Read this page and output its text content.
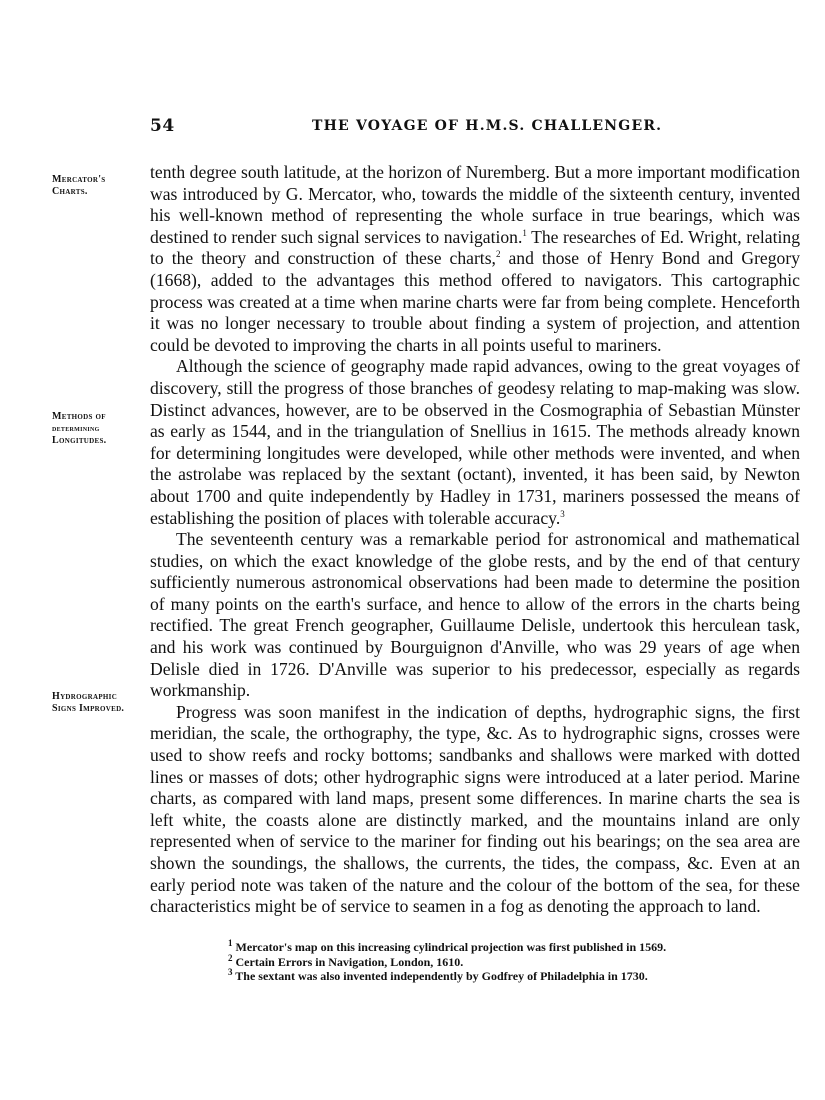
54	THE VOYAGE OF H.M.S. CHALLENGER.
Mercator's
Charts.
Methods of
determining
Longitudes.
Hydrographic
Signs Improved.

tenth degree south latitude, at the horizon of Nuremberg. But a more important modification was introduced by G. Mercator, who, towards the middle of the sixteenth century, invented his well-known method of representing the whole surface in true bearings, which was destined to render such signal services to navigation.$^1$ The researches of Ed. Wright, relating to the theory and construction of these charts,$^2$ and those of Henry Bond and Gregory (1668), added to the advantages this method offered to navigators. This cartographic process was created at a time when marine charts were far from being complete. Henceforth it was no longer necessary to trouble about finding a system of projection, and attention could be devoted to improving the charts in all points useful to mariners.

Although the science of geography made rapid advances, owing to the great voyages of discovery, still the progress of those branches of geodesy relating to map-making was slow. Distinct advances, however, are to be observed in the Cosmographia of Sebastian Münster as early as 1544, and in the triangulation of Snellius in 1615. The methods already known for determining longitudes were developed, while other methods were invented, and when the astrolabe was replaced by the sextant (octant), invented, it has been said, by Newton about 1700 and quite independently by Hadley in 1731, mariners possessed the means of establishing the position of places with tolerable accuracy.$^3$

The seventeenth century was a remarkable period for astronomical and mathematical studies, on which the exact knowledge of the globe rests, and by the end of that century sufficiently numerous astronomical observations had been made to determine the position of many points on the earth's surface, and hence to allow of the errors in the charts being rectified. The great French geographer, Guillaume Delisle, undertook this herculean task, and his work was continued by Bourguignon d'Anville, who was 29 years of age when Delisle died in 1726. D'Anville was superior to his predecessor, especially as regards workmanship.

Progress was soon manifest in the indication of depths, hydrographic signs, the first meridian, the scale, the orthography, the type, &c. As to hydrographic signs, crosses were used to show reefs and rocky bottoms; sandbanks and shallows were marked with dotted lines or masses of dots; other hydrographic signs were introduced at a later period. Marine charts, as compared with land maps, present some differences. In marine charts the sea is left white, the coasts alone are distinctly marked, and the mountains inland are only represented when of service to the mariner for finding out his bearings; on the sea area are shown the soundings, the shallows, the currents, the tides, the compass, &c. Even at an early period note was taken of the nature and the colour of the bottom of the sea, for these characteristics might be of service to seamen in a fog as denoting the approach to land.

$^1$ Mercator's map on this increasing cylindrical projection was first published in 1569.
$^2$ Certain Errors in Navigation, London, 1610.
$^3$ The sextant was also invented independently by Godfrey of Philadelphia in 1730.
